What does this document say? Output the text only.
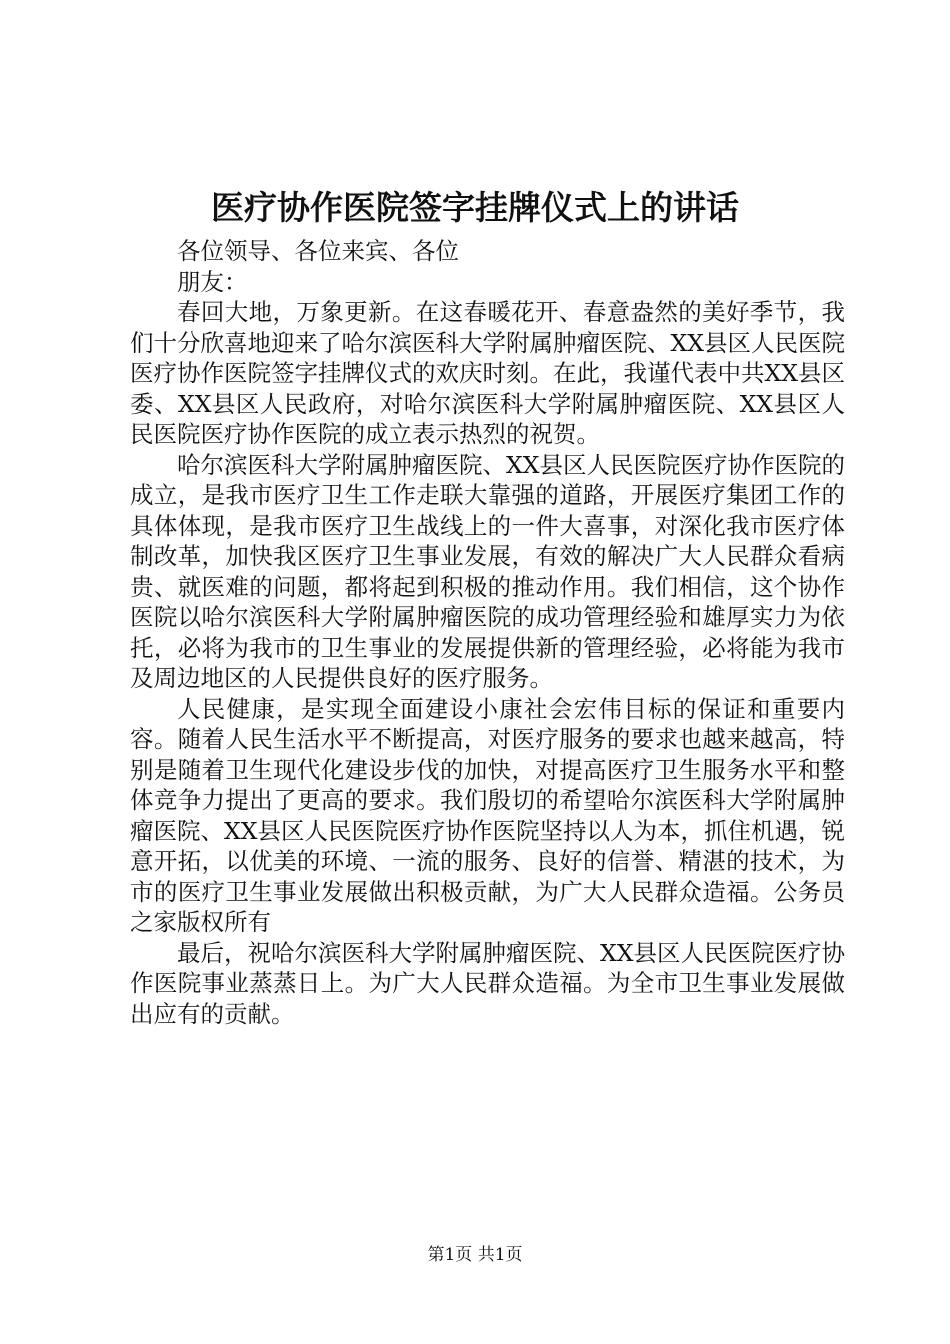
医疗协作医院签字挂牌仪式上的讲话

各位领导、各位来宾、各位

朋友：

春回大地，万象更新。在这春暖花开、春意盎然的美好季节，我们十分欣喜地迎来了哈尔滨医科大学附属肿瘤医院、XX县区人民医院医疗协作医院签字挂牌仪式的欢庆时刻。在此，我谨代表中共XX县区委、XX县区人民政府，对哈尔滨医科大学附属肿瘤医院、XX县区人民医院医疗协作医院的成立表示热烈的祝贺。

哈尔滨医科大学附属肿瘤医院、XX县区人民医院医疗协作医院的成立，是我市医疗卫生工作走联大靠强的道路，开展医疗集团工作的具体体现，是我市医疗卫生战线上的一件大喜事，对深化我市医疗体制改革，加快我区医疗卫生事业发展，有效的解决广大人民群众看病贵、就医难的问题，都将起到积极的推动作用。我们相信，这个协作医院以哈尔滨医科大学附属肿瘤医院的成功管理经验和雄厚实力为依托，必将为我市的卫生事业的发展提供新的管理经验，必将能为我市及周边地区的人民提供良好的医疗服务。

人民健康，是实现全面建设小康社会宏伟目标的保证和重要内容。随着人民生活水平不断提高，对医疗服务的要求也越来越高，特别是随着卫生现代化建设步伐的加快，对提高医疗卫生服务水平和整体竞争力提出了更高的要求。我们殷切的希望哈尔滨医科大学附属肿瘤医院、XX县区人民医院医疗协作医院坚持以人为本，抓住机遇，锐意开拓，以优美的环境、一流的服务、良好的信誉、精湛的技术，为市的医疗卫生事业发展做出积极贡献，为广大人民群众造福。公务员之家版权所有

最后，祝哈尔滨医科大学附属肿瘤医院、XX县区人民医院医疗协作医院事业蒸蒸日上。为广大人民群众造福。为全市卫生事业发展做出应有的贡献。

第1页 共1页
